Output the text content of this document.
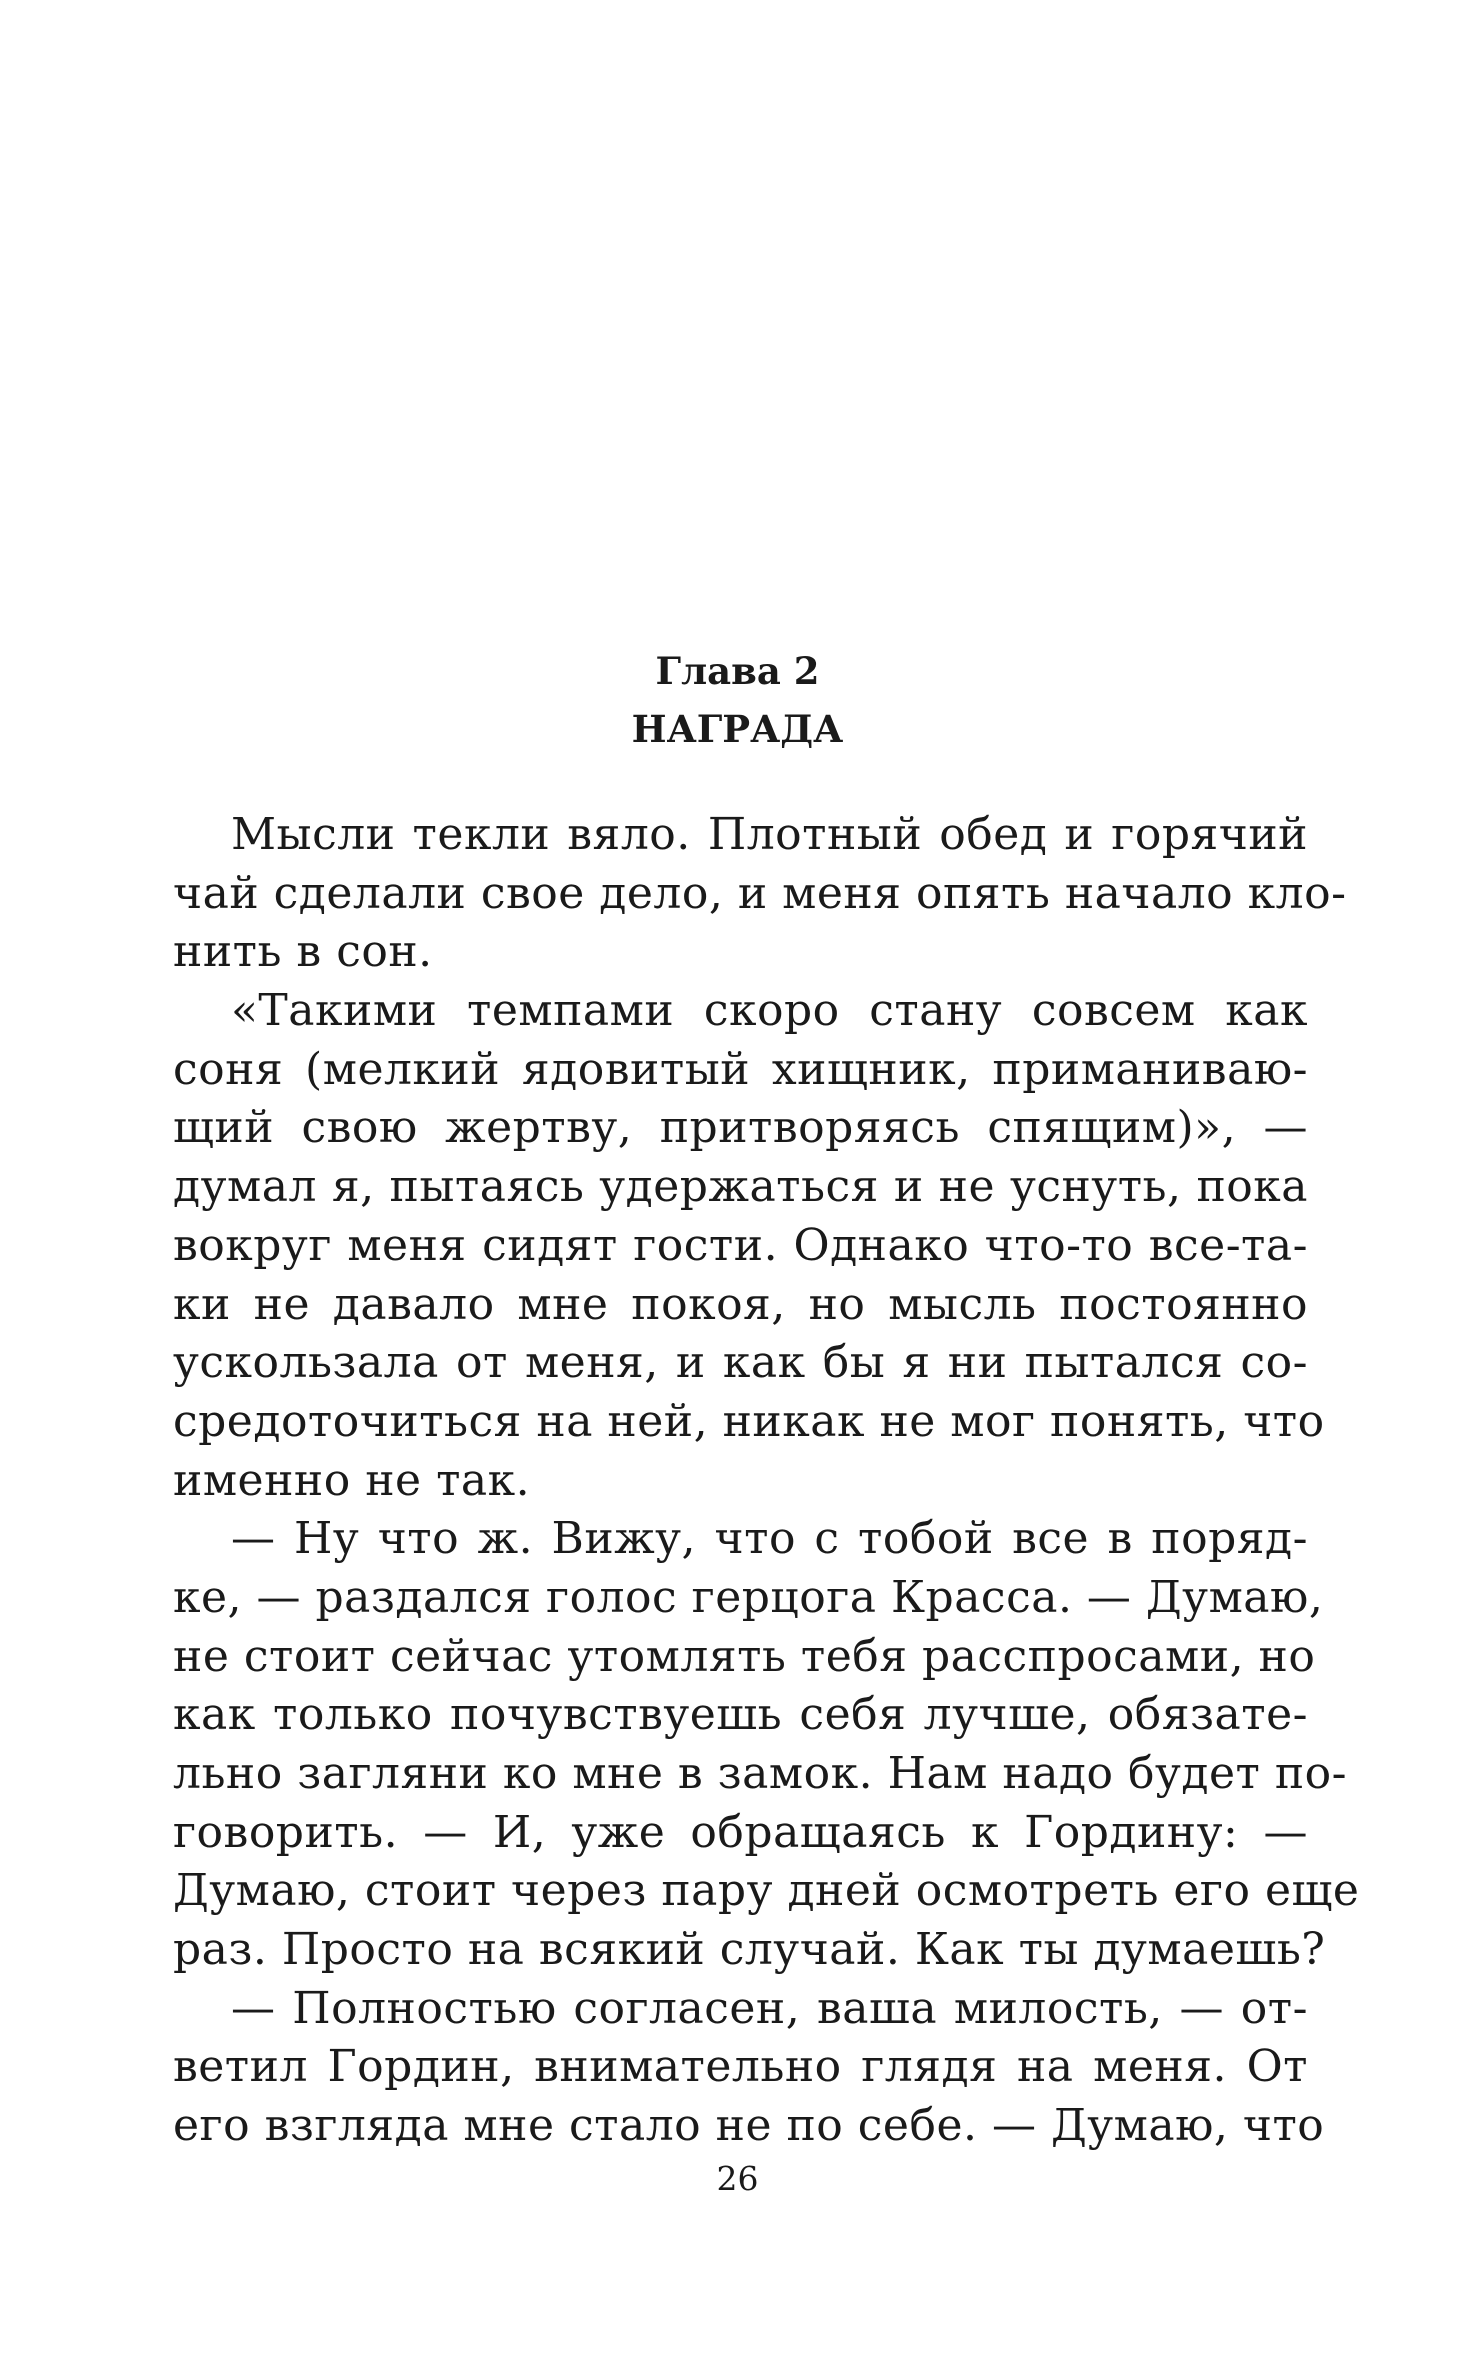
Глава 2
НАГРАДА
Мысли текли вяло. Плотный обед и горячий
чай сделали свое дело, и меня опять начало кло-
нить в сон.
«Такими темпами скоро стану совсем как
соня (мелкий ядовитый хищник, приманиваю-
щий свою жертву, притворяясь спящим)», —
думал я, пытаясь удержаться и не уснуть, пока
вокруг меня сидят гости. Однако что-то все-та-
ки не давало мне покоя, но мысль постоянно
ускользала от меня, и как бы я ни пытался со-
средоточиться на ней, никак не мог понять, что
именно не так.
— Ну что ж. Вижу, что с тобой все в поряд-
ке, — раздался голос герцога Красса. — Думаю,
не стоит сейчас утомлять тебя расспросами, но
как только почувствуешь себя лучше, обязате-
льно загляни ко мне в замок. Нам надо будет по-
говорить. — И, уже обращаясь к Гордину: —
Думаю, стоит через пару дней осмотреть его еще
раз. Просто на всякий случай. Как ты думаешь?
— Полностью согласен, ваша милость, — от-
ветил Гордин, внимательно глядя на меня. От
его взгляда мне стало не по себе. — Думаю, что
26
